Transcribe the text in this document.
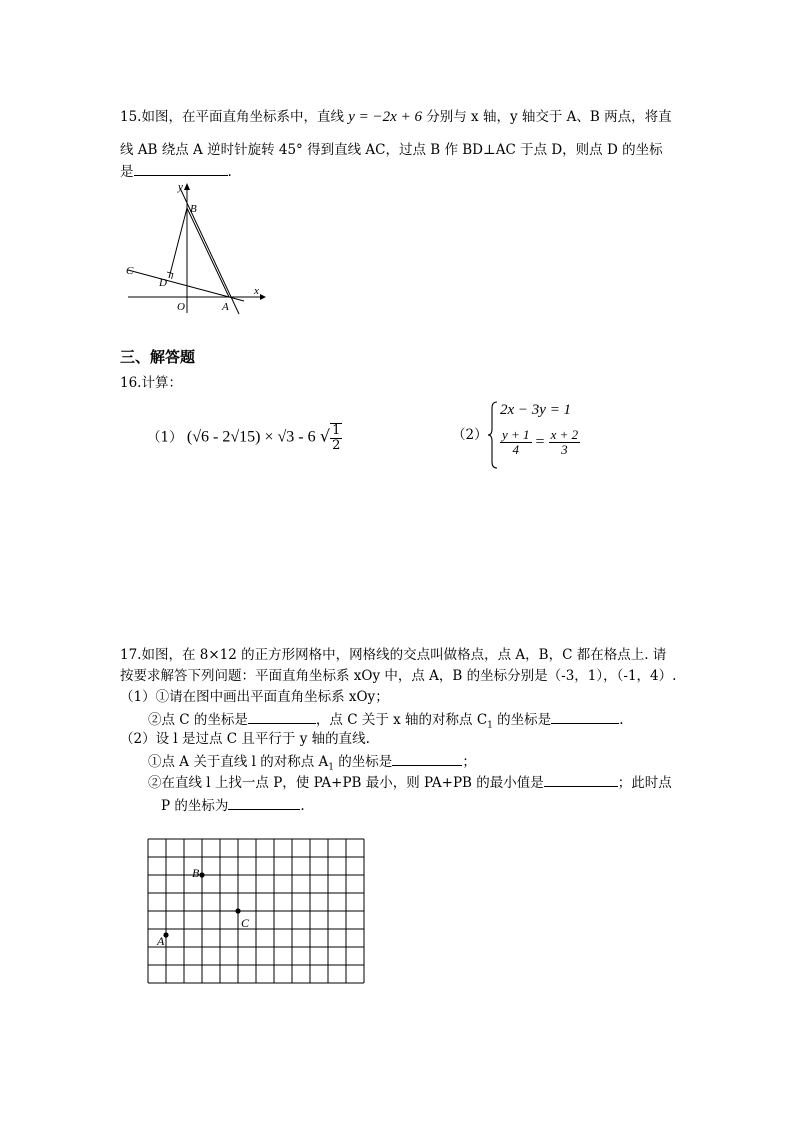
15.如图，在平面直角坐标系中，直线 y = −2x + 6 分别与 x 轴，y 轴交于 A、B 两点，将直
线 AB 绕点 A 逆时针旋转 45° 得到直线 AC，过点 B 作 BD⊥AC 于点 D，则点 D 的坐标
是	.
y
x
B
C
D
O	A
三、解答题
16.计算：
（1） (√6 - 2√15) × √3 - 6 √ $\frac{1}{2}$	（2）
2x − 3y = 1
$\frac{y + 1}{4} = \frac{x + 2}{3}$
17.如图，在 8×12 的正方形网格中，网格线的交点叫做格点，点 A，B，C 都在格点上. 请
按要求解答下列问题：平面直角坐标系 xOy 中，点 A，B 的坐标分别是（-3，1），（-1，4）.
（1）①请在图中画出平面直角坐标系 xOy；
②点 C 的坐标是	，点 C 关于 x 轴的对称点 $C_1$ 的坐标是	.
（2）设 l 是过点 C 且平行于 y 轴的直线.
①点 A 关于直线 l 的对称点 $A_1$ 的坐标是	；
②在直线 l 上找一点 P，使 PA+PB 最小，则 PA+PB 的最小值是	；此时点
P 的坐标为	.
B
C
A
